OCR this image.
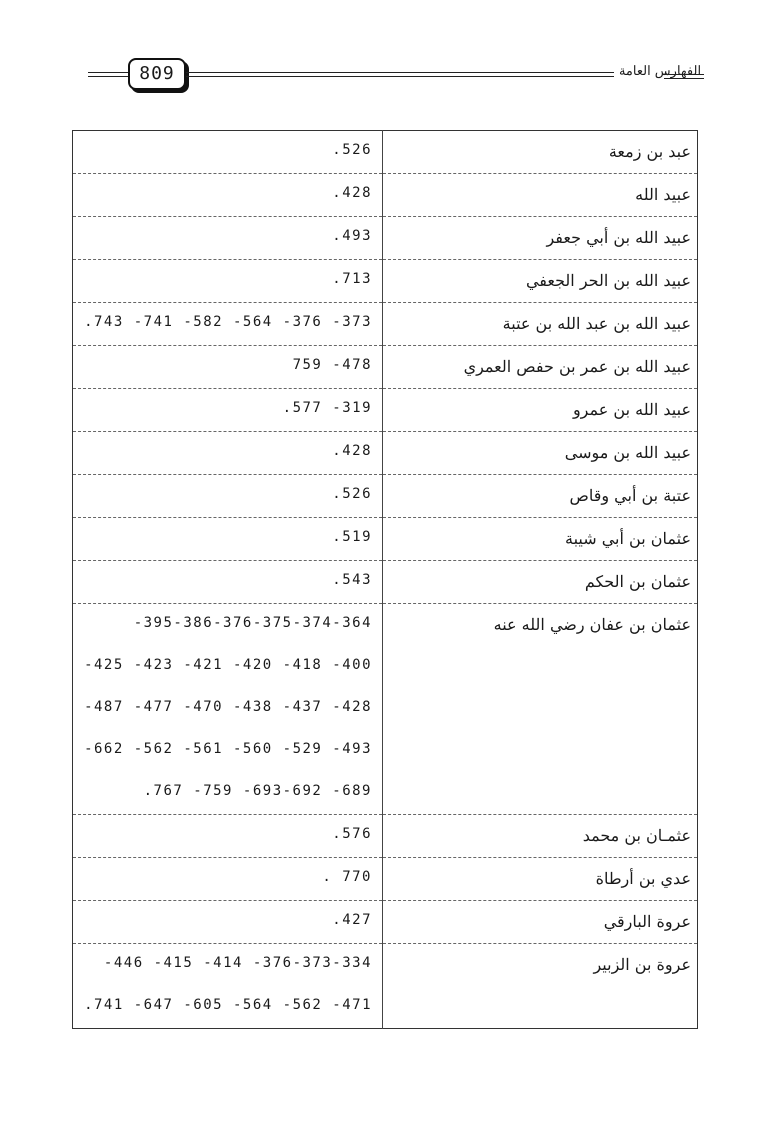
809	الفهارس العامة
عبد بن زمعة	.526

عبيد الله	.428

عبيد الله بن أبي جعفر	.493

عبيد الله بن الحر الجعفي	.713

عبيد الله بن عبد الله بن عتبة	.743 -741 -582 -564 -376 -373

عبيد الله بن عمر بن حفص العمري	759 -478

عبيد الله بن عمرو	.577 -319

عبيد الله بن موسى	.428

عتبة بن أبي وقاص	.526

عثمان بن أبي شيبة	.519

عثمان بن الحكم	.543

عثمان بن عفان رضي الله عنه	-395-386-376-375-374-364
-425 -423 -421 -420 -418 -400
-487 -477 -470 -438 -437 -428
-662 -562 -561 -560 -529 -493
.767 -759 -693-692 -689

عثمـان بن محمد	.576

عدي بن أرطاة	. 770

عروة البارقي	.427

عروة بن الزبير	-446 -415 -414 -376-373-334
.741 -647 -605 -564 -562 -471
